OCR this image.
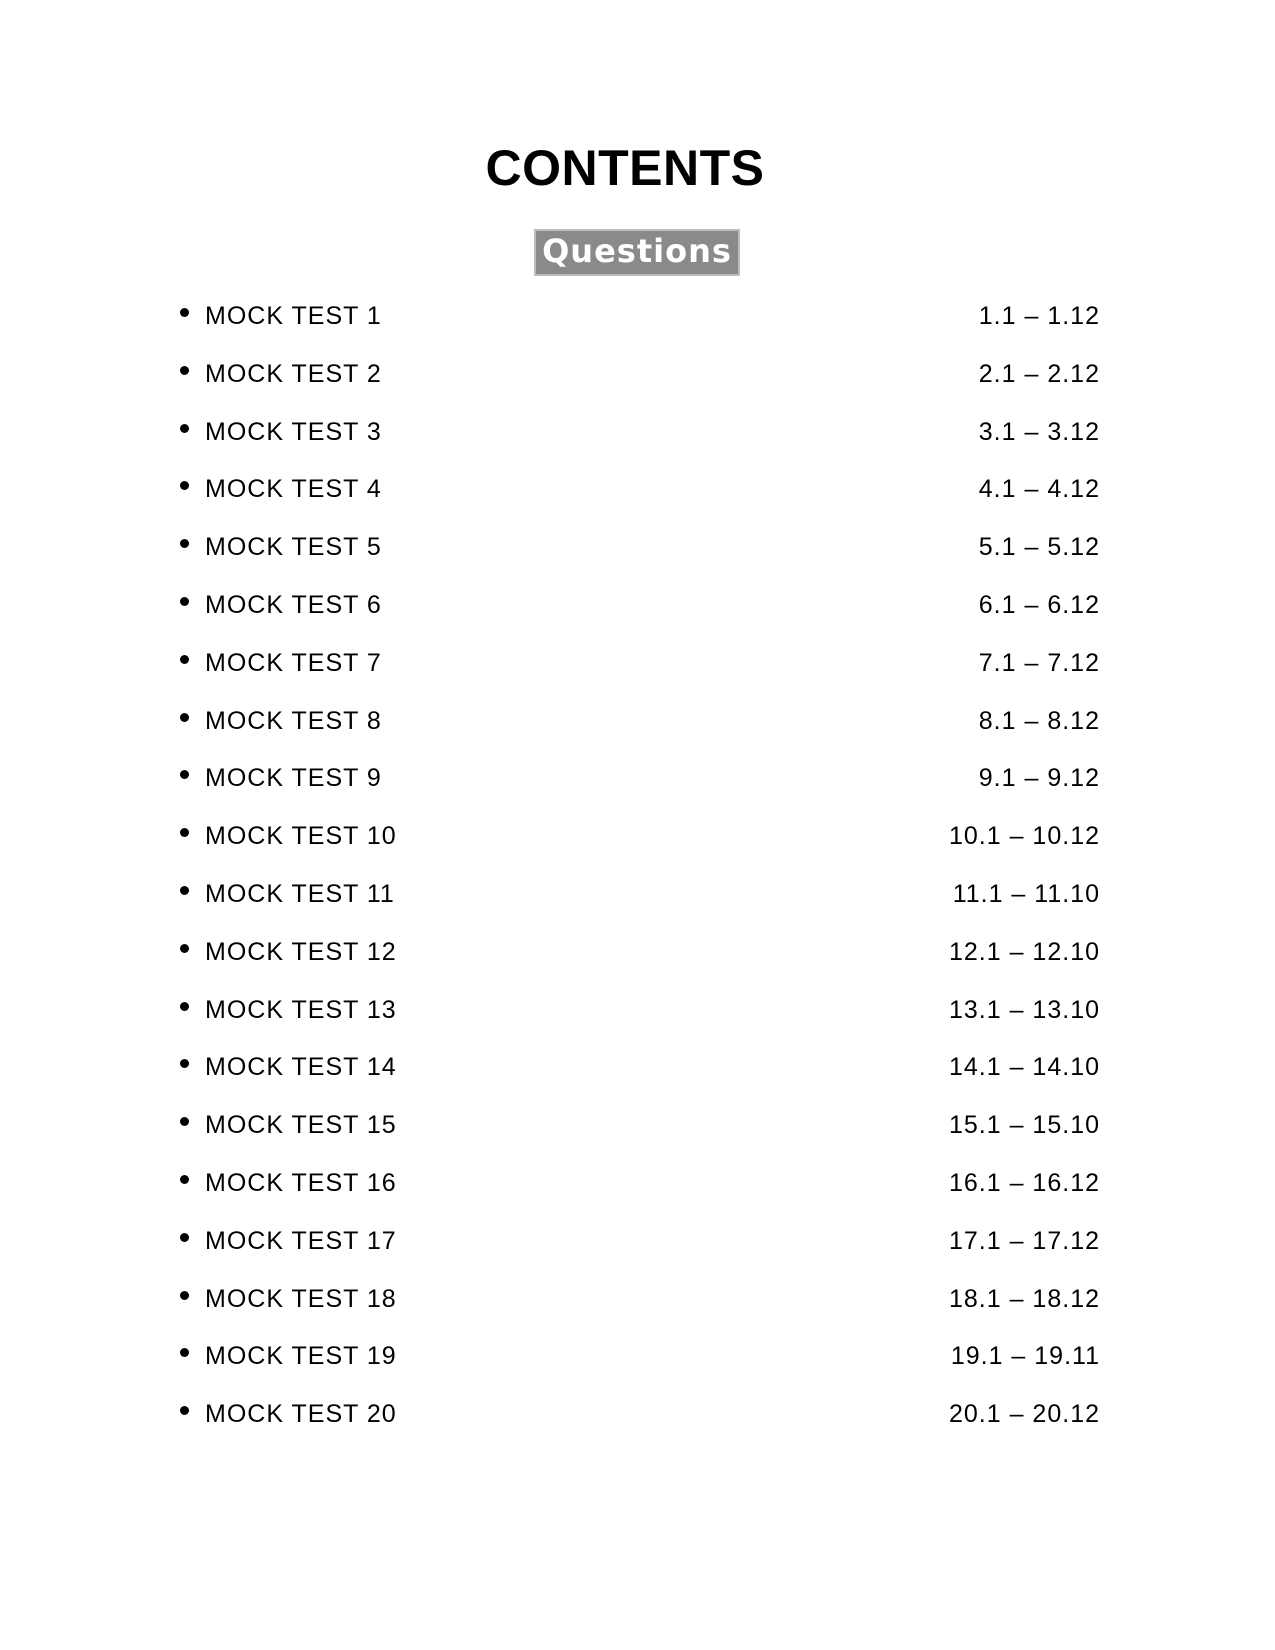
CONTENTS
Questions
MOCK TEST 1	1.1 – 1.12
MOCK TEST 2	2.1 – 2.12
MOCK TEST 3	3.1 – 3.12
MOCK TEST 4	4.1 – 4.12
MOCK TEST 5	5.1 – 5.12
MOCK TEST 6	6.1 – 6.12
MOCK TEST 7	7.1 – 7.12
MOCK TEST 8	8.1 – 8.12
MOCK TEST 9	9.1 – 9.12
MOCK TEST 10	10.1 – 10.12
MOCK TEST 11	11.1 – 11.10
MOCK TEST 12	12.1 – 12.10
MOCK TEST 13	13.1 – 13.10
MOCK TEST 14	14.1 – 14.10
MOCK TEST 15	15.1 – 15.10
MOCK TEST 16	16.1 – 16.12
MOCK TEST 17	17.1 – 17.12
MOCK TEST 18	18.1 – 18.12
MOCK TEST 19	19.1 – 19.11
MOCK TEST 20	20.1 – 20.12
